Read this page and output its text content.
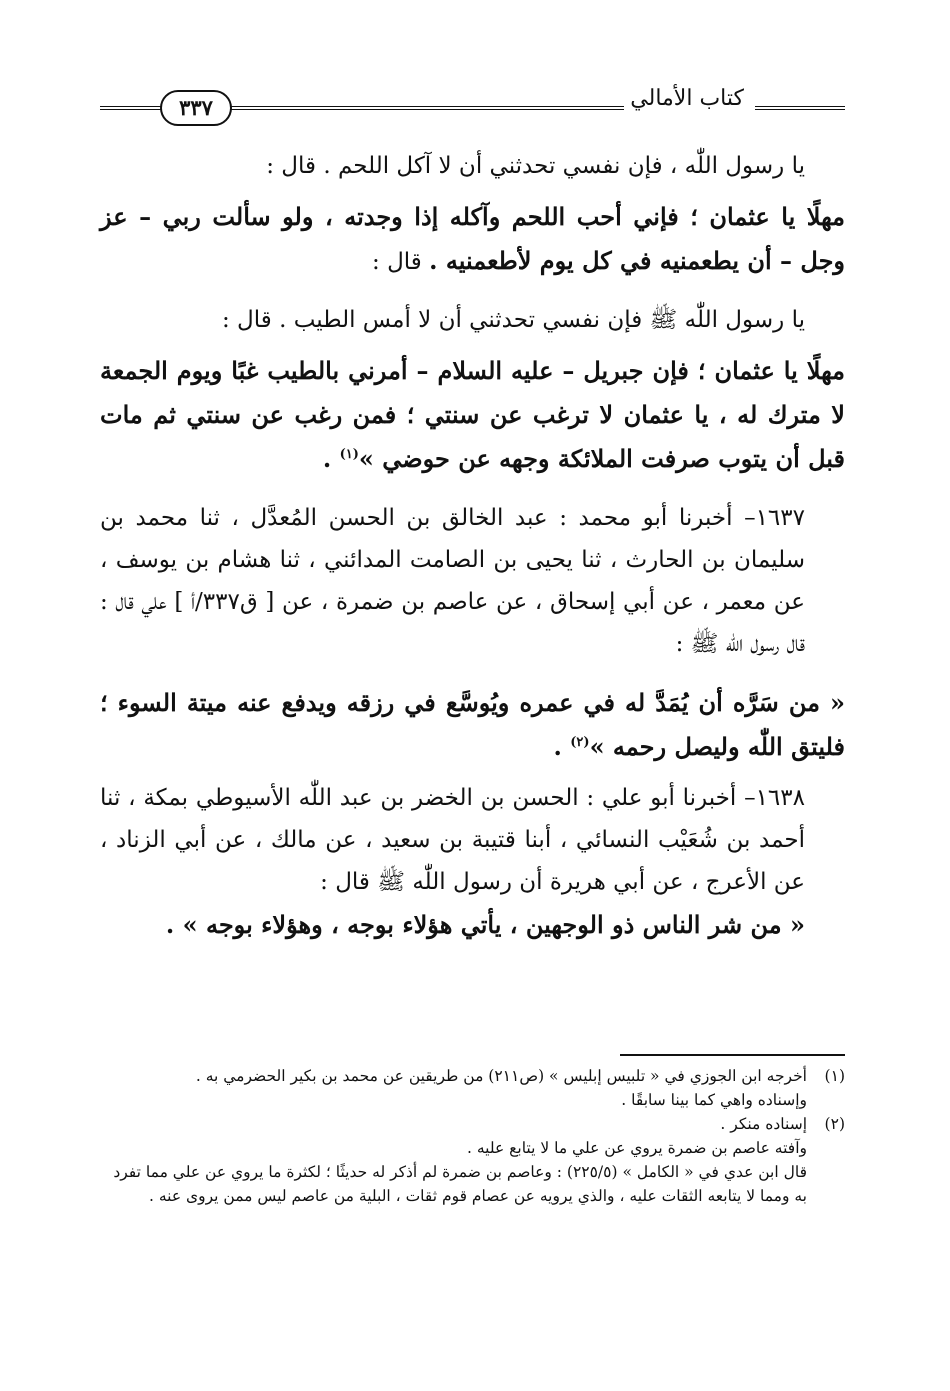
٣٣٧	كتاب الأمالي

يا رسول اللّٰه ، فإن نفسي تحدثني أن لا آكل اللحم . قال :

مهلًا يا عثمان ؛ فإني أحب اللحم وآكله إذا وجدته ، ولو سألت ربي – عز وجل – أن يطعمنيه في كل يوم لأطعمنيه . قال :

يا رسول اللّٰه ﷺ فإن نفسي تحدثني أن لا أمس الطيب . قال :

مهلًا يا عثمان ؛ فإن جبريل – عليه السلام – أمرني بالطيب غبًا ويوم الجمعة لا مترك له ، يا عثمان لا ترغب عن سنتي ؛ فمن رغب عن سنتي ثم مات قبل أن يتوب صرفت الملائكة وجهه عن حوضي »$^{(١)}$ .

١٦٣٧– أخبرنا أبو محمد : عبد الخالق بن الحسن المُعدَّل ، ثنا محمد بن سليمان بن الحارث ، ثنا يحيى بن الصامت المدائني ، ثنا هشام بن يوسف ، عن معمر ، عن أبي إسحاق ، عن عاصم بن ضمرة ، عن [ ق٣٣٧/أ ] علي قال : قال رسول اللّٰه ﷺ :

« من سَرَّه أن يُمَدَّ له في عمره ويُوسَّع في رزقه ويدفع عنه ميتة السوء ؛ فليتق اللّٰه وليصل رحمه »$^{(٢)}$ .

١٦٣٨– أخبرنا أبو علي : الحسن بن الخضر بن عبد اللّٰه الأسيوطي بمكة ، ثنا أحمد بن شُعَيْب النسائي ، أبنا قتيبة بن سعيد ، عن مالك ، عن أبي الزناد ، عن الأعرج ، عن أبي هريرة أن رسول اللّٰه ﷺ قال :

« من شر الناس ذو الوجهين ، يأتي هؤلاء بوجه ، وهؤلاء بوجه » .

(١)
أخرجه ابن الجوزي في « تلبيس إبليس » (ص٢١١) من طريقين عن محمد بن بكير الحضرمي به .
وإسناده واهي كما بينا سابقًا .
(٢)
إسناده منكر .
وآفته عاصم بن ضمرة يروي عن علي ما لا يتابع عليه .
قال ابن عدي في « الكامل » (٢٢٥/٥) : وعاصم بن ضمرة لم أذكر له حديثًا ؛ لكثرة ما يروي عن علي مما تفرد به ومما لا يتابعه الثقات عليه ، والذي يرويه عن عصام قوم ثقات ، البلية من عاصم ليس ممن يروى عنه .
